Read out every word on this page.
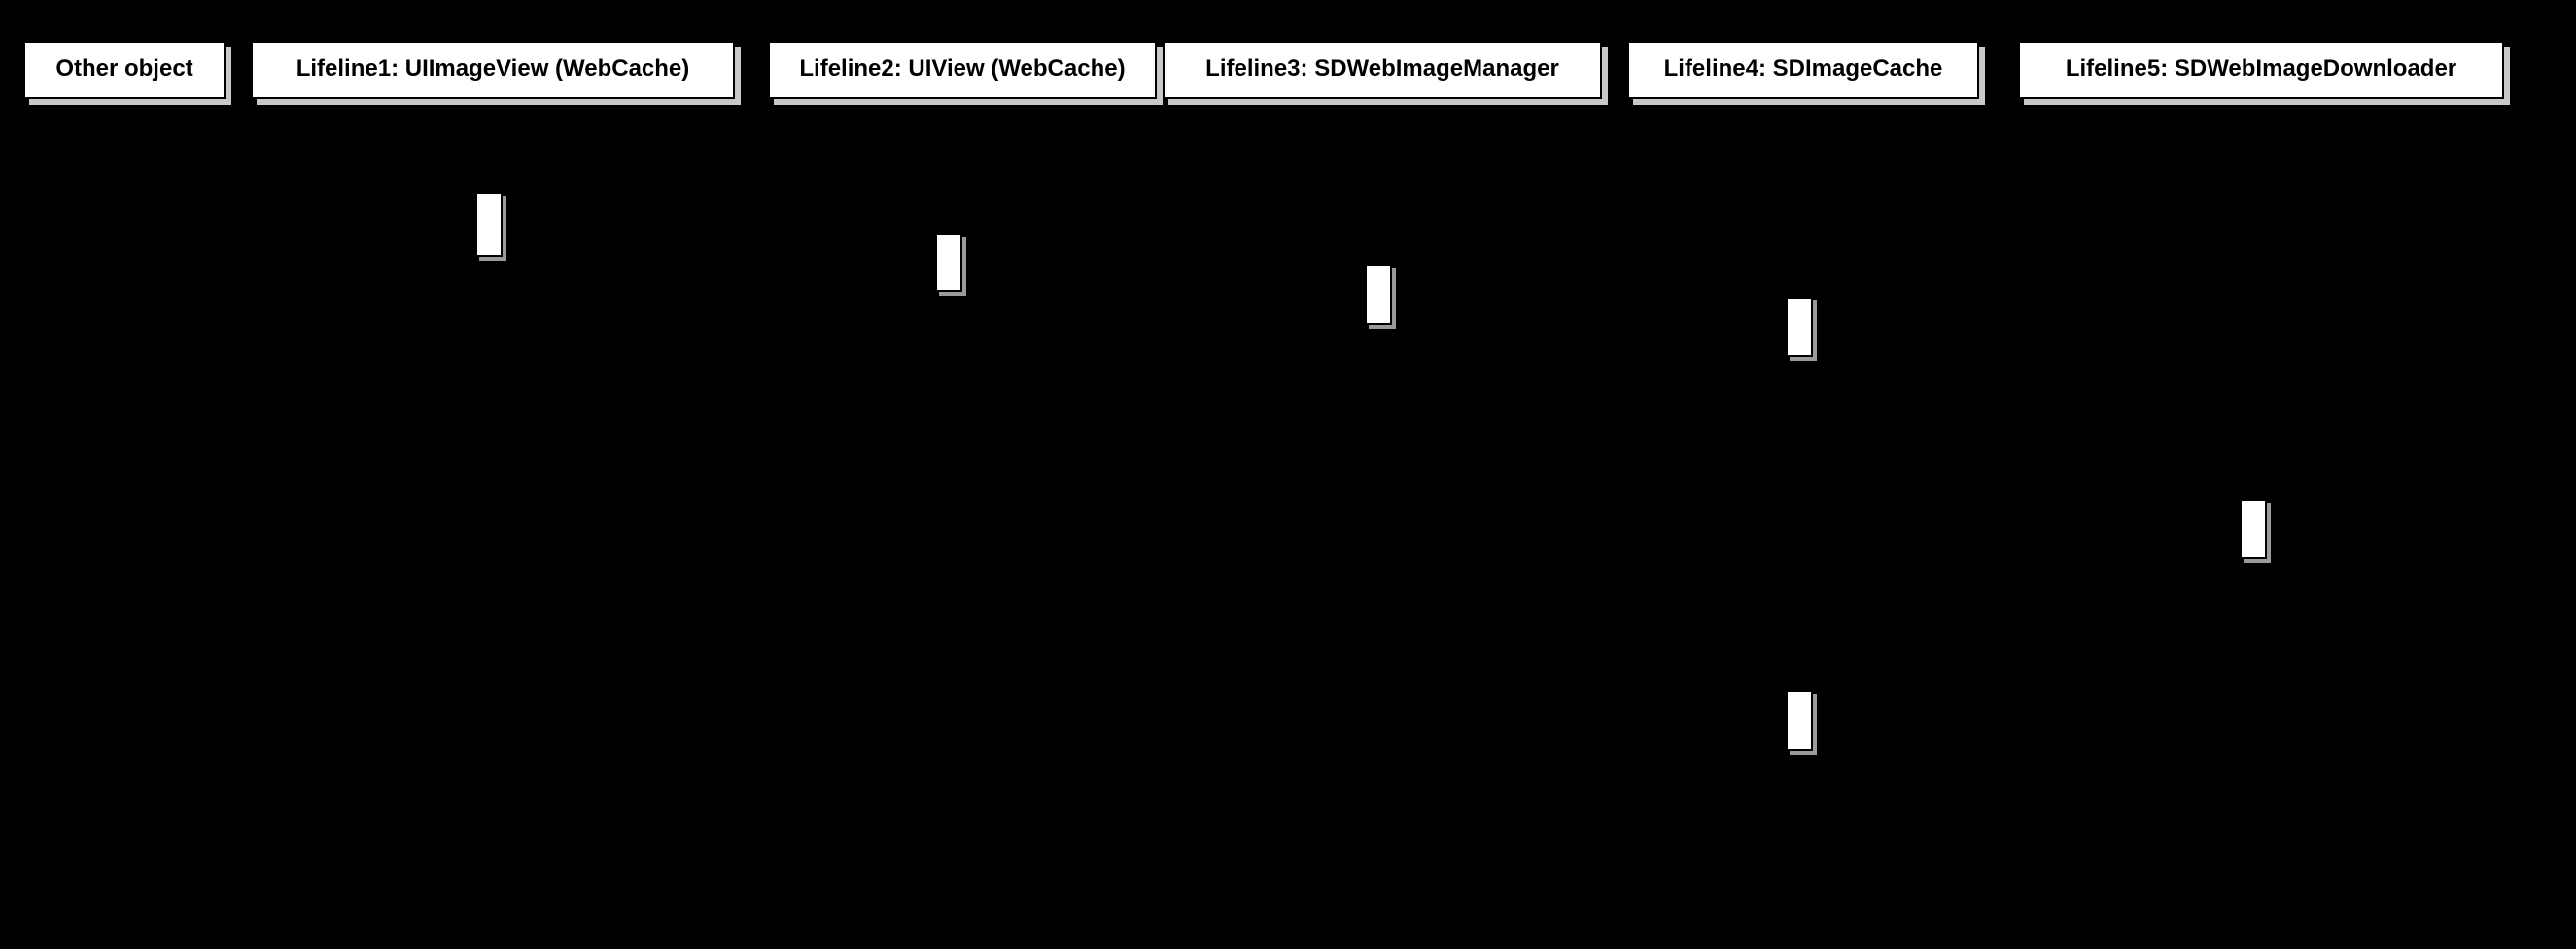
Other object	Lifeline1: UIImageView (WebCache)	Lifeline2: UIView (WebCache)	Lifeline3: SDWebImageManager	Lifeline4: SDImageCache	Lifeline5: SDWebImageDownloader
